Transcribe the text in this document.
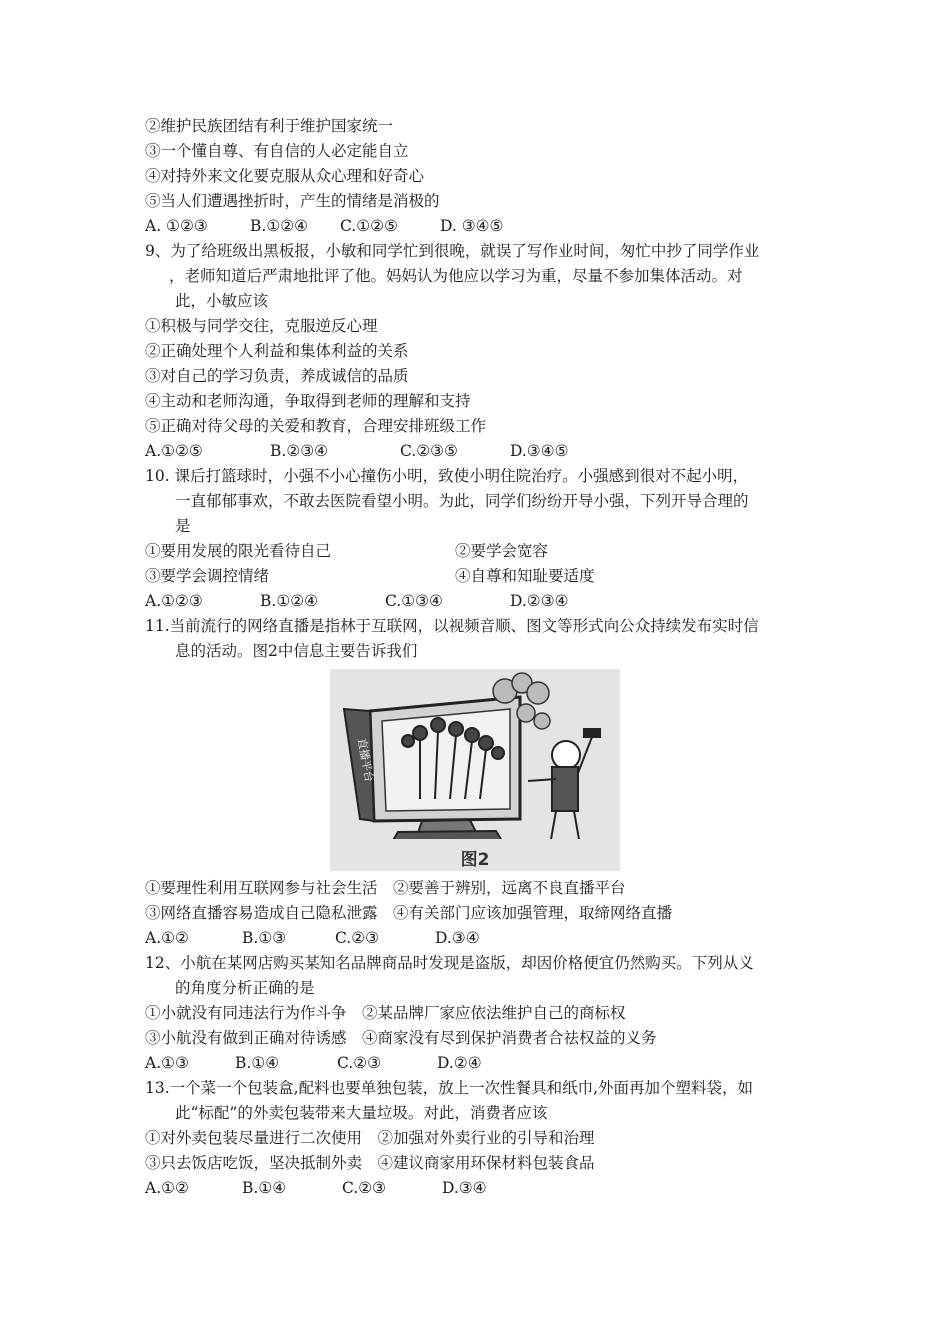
②维护民族团结有利于维护国家统一
③一个懂自尊、有自信的人必定能自立
④对持外来文化要克服从众心理和好奇心
⑤当人们遭遇挫折时，产生的情绪是消极的
A. ①②③	B.①②④	C.①②⑤	D. ③④⑤
9、为了给班级出黑板报，小敏和同学忙到很晚，就误了写作业时间，匆忙中抄了同学作业
，老师知道后严肃地批评了他。妈妈认为他应以学习为重，尽量不参加集体活动。对
此，小敏应该
①积极与同学交往，克服逆反心理
②正确处理个人利益和集体利益的关系
③对自己的学习负责，养成诚信的品质
④主动和老师沟通，争取得到老师的理解和支持
⑤正确对待父母的关爱和教育，合理安排班级工作
A.①②⑤	B.②③④	C.②③⑤	D.③④⑤
10. 课后打篮球时，小强不小心撞伤小明，致使小明住院治疗。小强感到很对不起小明，
一直郁郁事欢，不敢去医院看望小明。为此，同学们纷纷开导小强，下列开导合理的
是
①要用发展的限光看待自己	②要学会宽容
③要学会调控情绪	④自尊和知耻要适度
A.①②③	B.①②④	C.①③④	D.②③④
11.当前流行的网络直播是指林于互联网，以视频音顺、图文等形式向公众持续发布实时信
息的活动。图2中信息主要告诉我们
直播平台
图2
①要理性利用互联网参与社会生活　②要善于辨别，远离不良直播平台
③网络直播容易造成自己隐私泄露　④有关部门应该加强管理，取缔网络直播
A.①②	B.①③	C.②③	D.③④
12、小航在某网店购买某知名品牌商品时发现是盗版，却因价格便宜仍然购买。下列从义
的角度分析正确的是
①小就没有同违法行为作斗争　②某品牌厂家应依法维护自己的商标权
③小航没有做到正确对待诱感　④商家没有尽到保护消费者合祛权益的义务
A.①③	B.①④	C.②③	D.②④
13.一个菜一个包装盒,配料也要单独包装，放上一次性餐具和纸巾,外面再加个塑料袋，如
此“标配”的外卖包装带来大量垃圾。对此，消费者应该
①对外卖包装尽量进行二次使用　②加强对外卖行业的引导和治理
③只去饭店吃饭，坚决抵制外卖　④建议商家用环保材料包装食品
A.①②	B.①④	C.②③	D.③④
